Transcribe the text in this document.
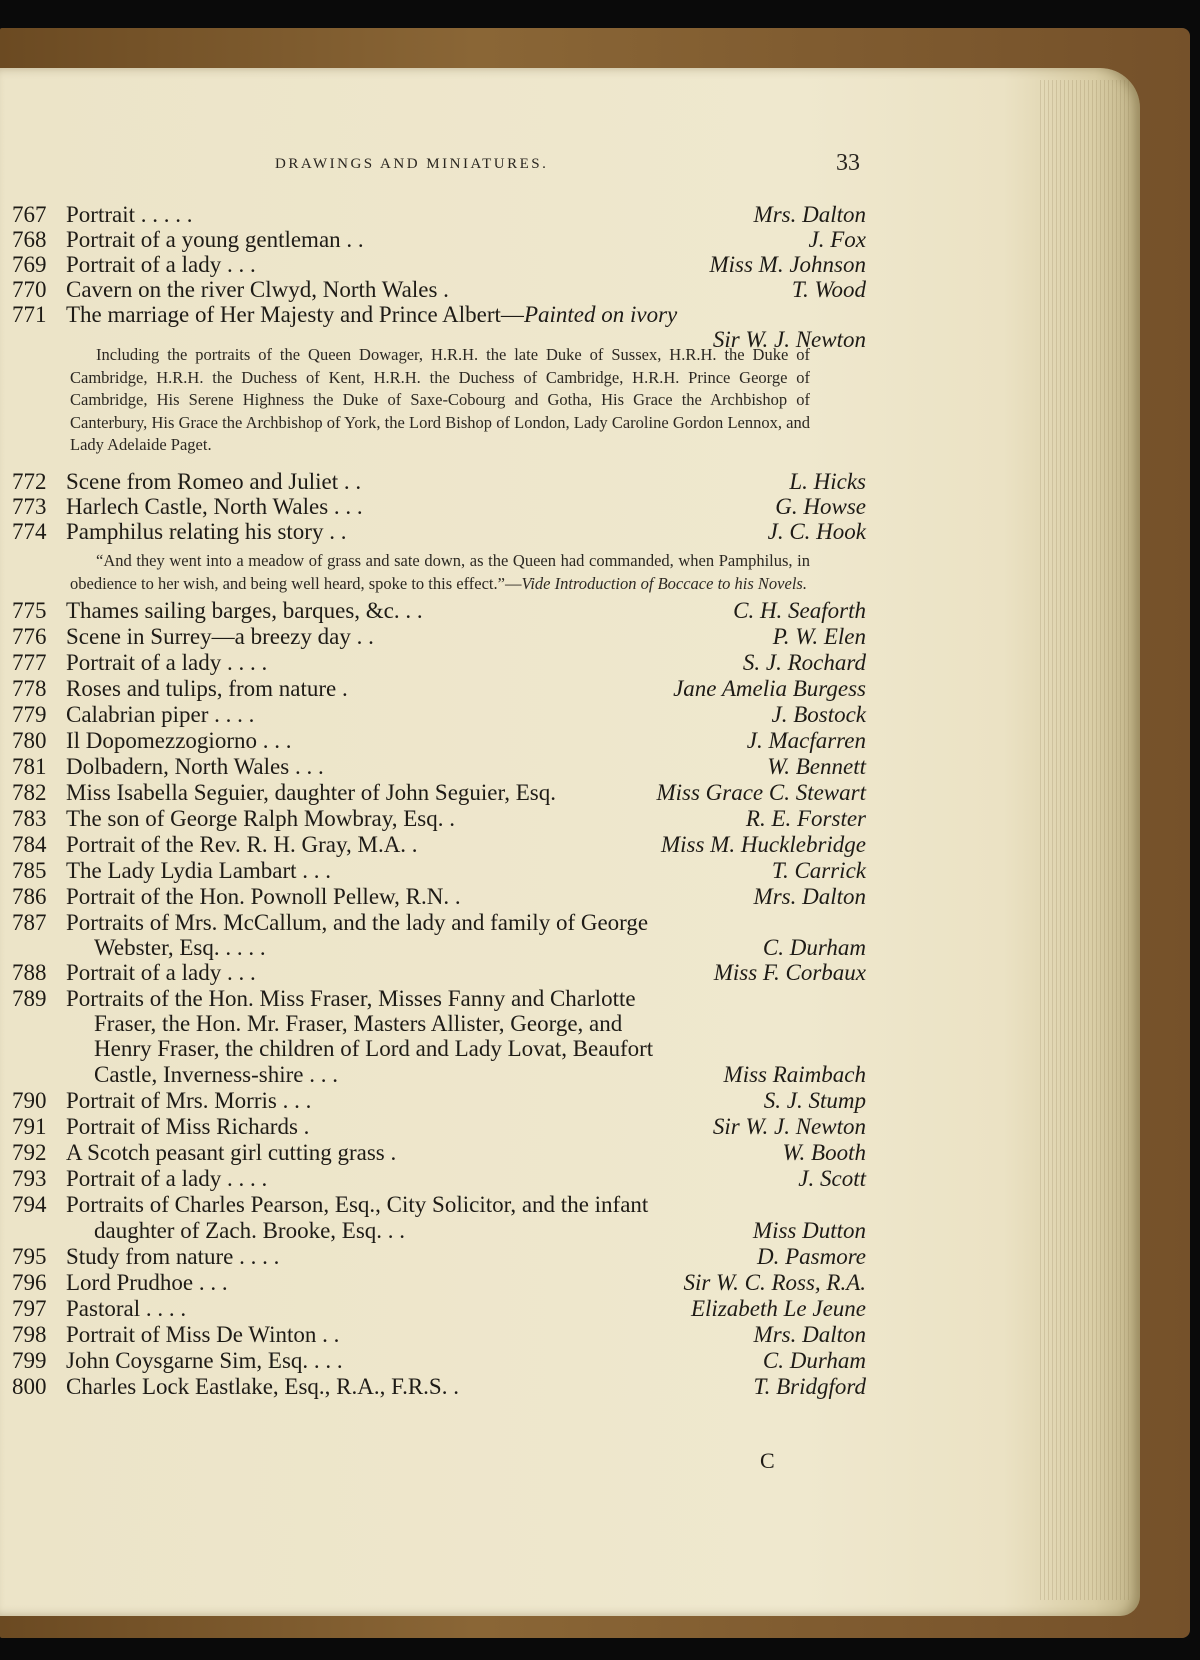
DRAWINGS AND MINIATURES.	33
767 Portrait . . . . .	Mrs. Dalton
768 Portrait of a young gentleman . .	J. Fox
769 Portrait of a lady . . .	Miss M. Johnson
770 Cavern on the river Clwyd, North Wales .	T. Wood
771 The marriage of Her Majesty and Prince Albert—Painted on ivory
Sir W. J. Newton
772 Scene from Romeo and Juliet . .	L. Hicks
773 Harlech Castle, North Wales . . .	G. Howse
774 Pamphilus relating his story . .	J. C. Hook
775 Thames sailing barges, barques, &c. . .	C. H. Seaforth
776 Scene in Surrey—a breezy day . .	P. W. Elen
777 Portrait of a lady . . . .	S. J. Rochard
778 Roses and tulips, from nature .	Jane Amelia Burgess
779 Calabrian piper . . . .	J. Bostock
780 Il Dopomezzogiorno . . .	J. Macfarren
781 Dolbadern, North Wales . . .	W. Bennett
782 Miss Isabella Seguier, daughter of John Seguier, Esq.	Miss Grace C. Stewart
783 The son of George Ralph Mowbray, Esq. .	R. E. Forster
784 Portrait of the Rev. R. H. Gray, M.A. .	Miss M. Hucklebridge
785 The Lady Lydia Lambart . . .	T. Carrick
786 Portrait of the Hon. Pownoll Pellew, R.N. .	Mrs. Dalton
787 Portraits of Mrs. McCallum, and the lady and family of George
Webster, Esq. . . . .	C. Durham
788 Portrait of a lady . . .	Miss F. Corbaux
789 Portraits of the Hon. Miss Fraser, Misses Fanny and Charlotte
Fraser, the Hon. Mr. Fraser, Masters Allister, George, and
Henry Fraser, the children of Lord and Lady Lovat, Beaufort
Castle, Inverness-shire . . .	Miss Raimbach
790 Portrait of Mrs. Morris . . .	S. J. Stump
791 Portrait of Miss Richards .	Sir W. J. Newton
792 A Scotch peasant girl cutting grass .	W. Booth
793 Portrait of a lady . . . .	J. Scott
794 Portraits of Charles Pearson, Esq., City Solicitor, and the infant
daughter of Zach. Brooke, Esq. . .	Miss Dutton
795 Study from nature . . . .	D. Pasmore
796 Lord Prudhoe . . .	Sir W. C. Ross, R.A.
797 Pastoral . . . .	Elizabeth Le Jeune
798 Portrait of Miss De Winton . .	Mrs. Dalton
799 John Coysgarne Sim, Esq. . . .	C. Durham
800 Charles Lock Eastlake, Esq., R.A., F.R.S. .	T. Bridgford
Including the portraits of the Queen Dowager, H.R.H. the late Duke of Sussex, H.R.H. the Duke of Cambridge, H.R.H. the Duchess of Kent, H.R.H. the Duchess of Cambridge, H.R.H. Prince George of Cambridge, His Serene Highness the Duke of Saxe-Cobourg and Gotha, His Grace the Archbishop of Canterbury, His Grace the Archbishop of York, the Lord Bishop of London, Lady Caroline Gordon Lennox, and Lady Adelaide Paget.
“And they went into a meadow of grass and sate down, as the Queen had commanded, when Pamphilus, in obedience to her wish, and being well heard, spoke to this effect.”—Vide Introduction of Boccace to his Novels.
C
